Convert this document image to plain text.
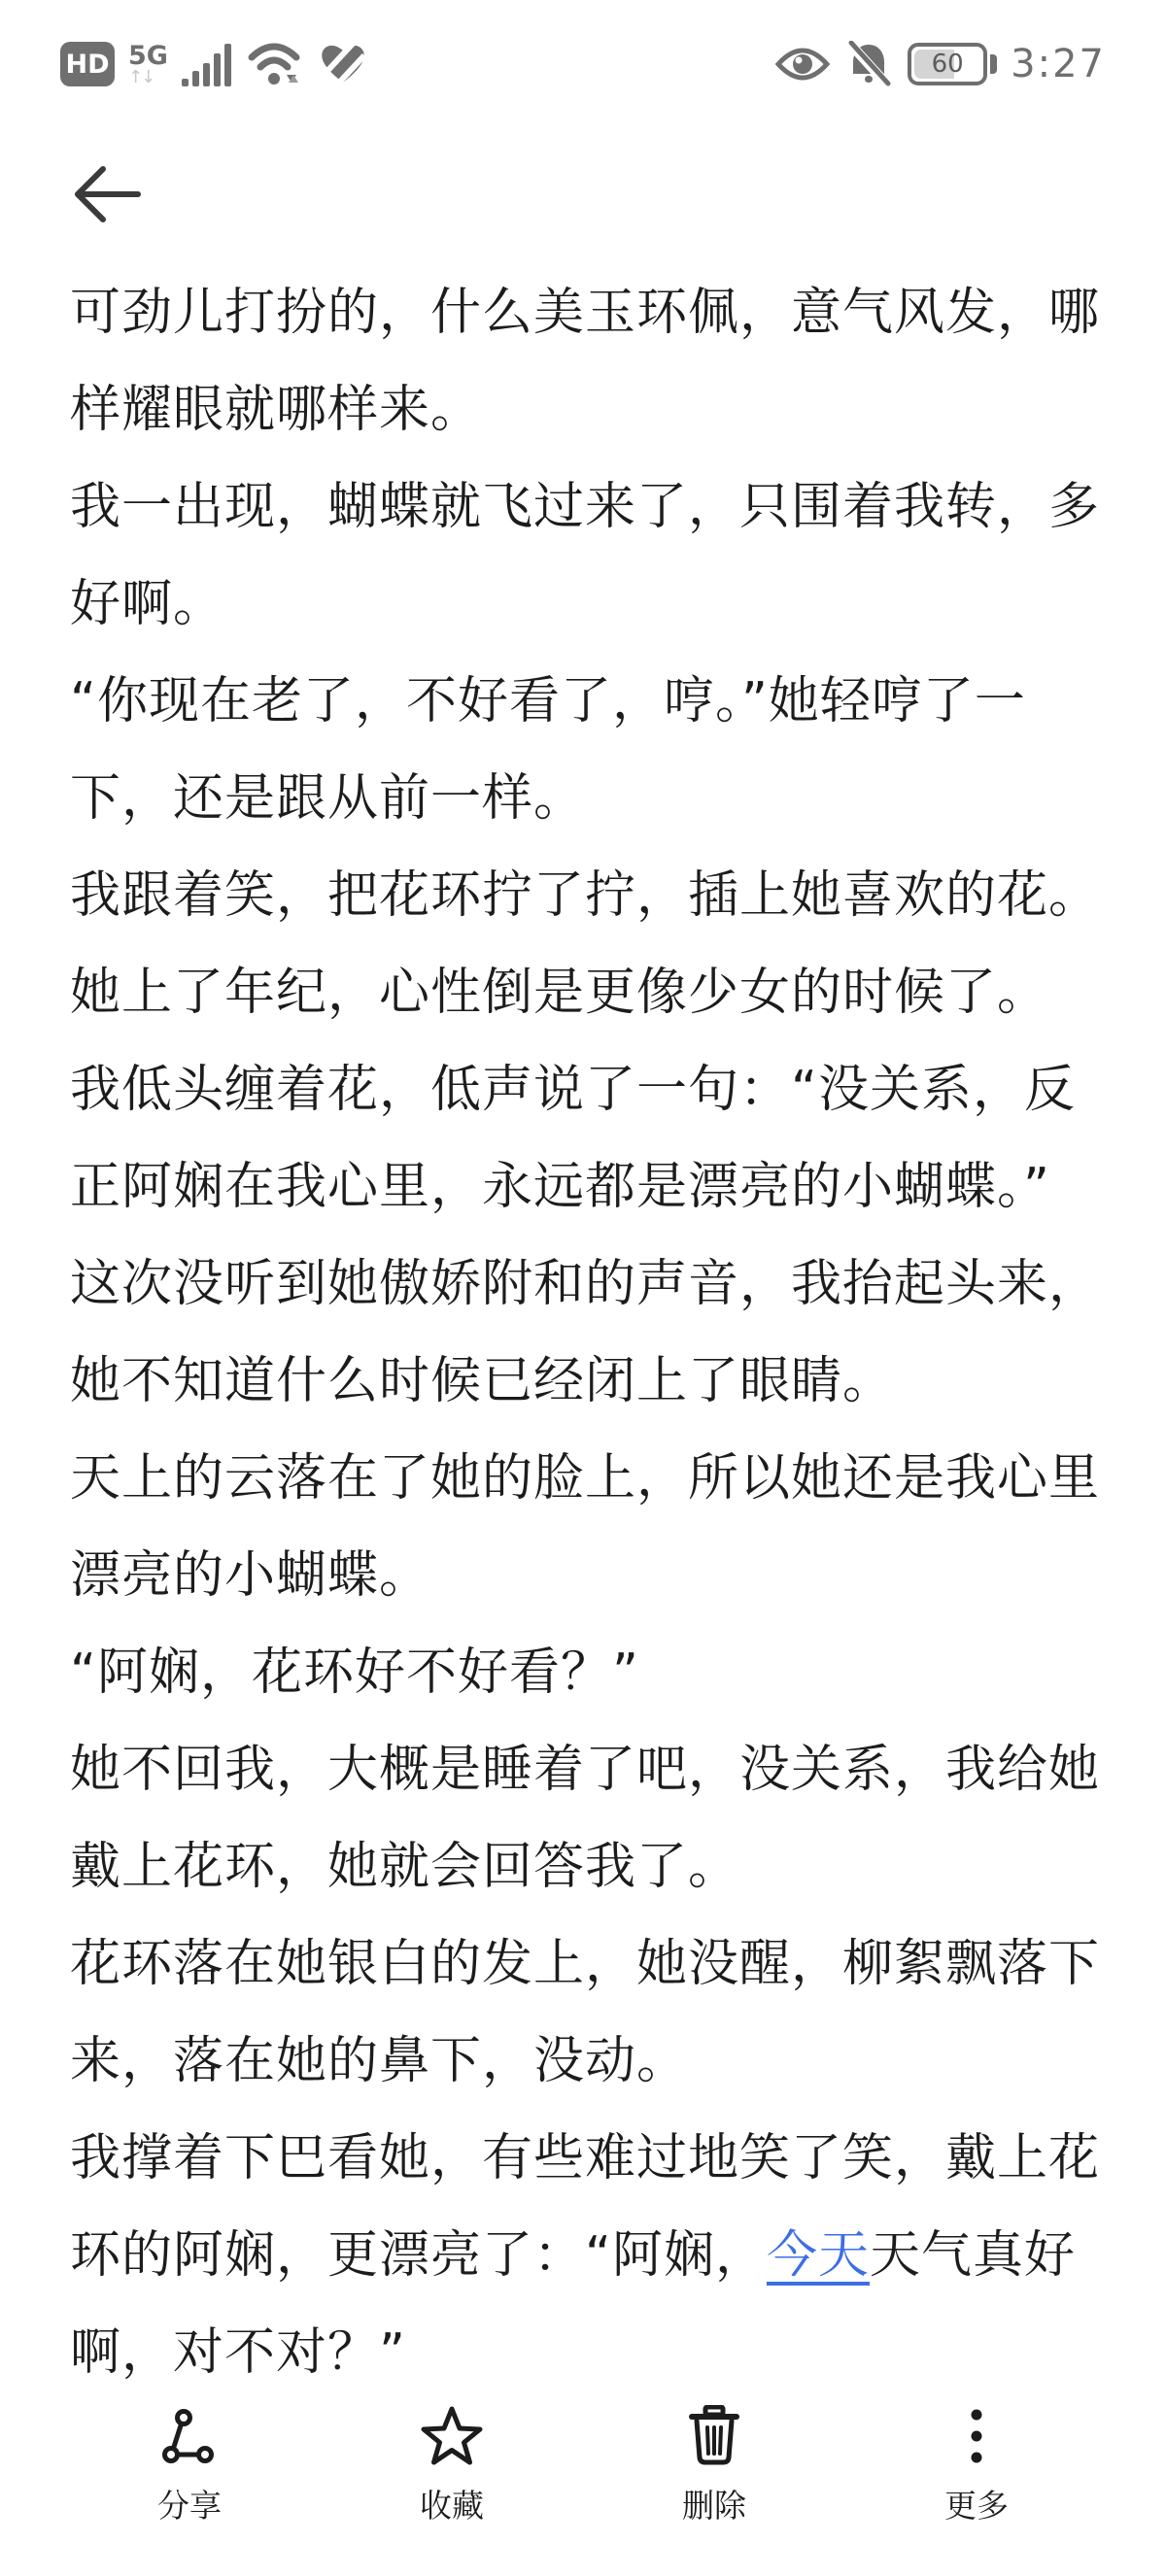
HD 5G
↑↓	60	3:27
可劲儿打扮的，什么美玉环佩，意气风发，哪
样耀眼就哪样来。
我一出现，蝴蝶就飞过来了，只围着我转，多
好啊。
“你现在老了，不好看了，哼。”她轻哼了一
下，还是跟从前一样。
我跟着笑，把花环拧了拧，插上她喜欢的花。
她上了年纪，心性倒是更像少女的时候了。
我低头缠着花，低声说了一句：“没关系，反
正阿娴在我心里，永远都是漂亮的小蝴蝶。”
这次没听到她傲娇附和的声音，我抬起头来，
她不知道什么时候已经闭上了眼睛。
天上的云落在了她的脸上，所以她还是我心里
漂亮的小蝴蝶。
“阿娴，花环好不好看？”
她不回我，大概是睡着了吧，没关系，我给她
戴上花环，她就会回答我了。
花环落在她银白的发上，她没醒，柳絮飘落下
来，落在她的鼻下，没动。
我撑着下巴看她，有些难过地笑了笑，戴上花
环的阿娴，更漂亮了：“阿娴，今天天气真好
啊，对不对？”
分享	收藏	删除	更多
